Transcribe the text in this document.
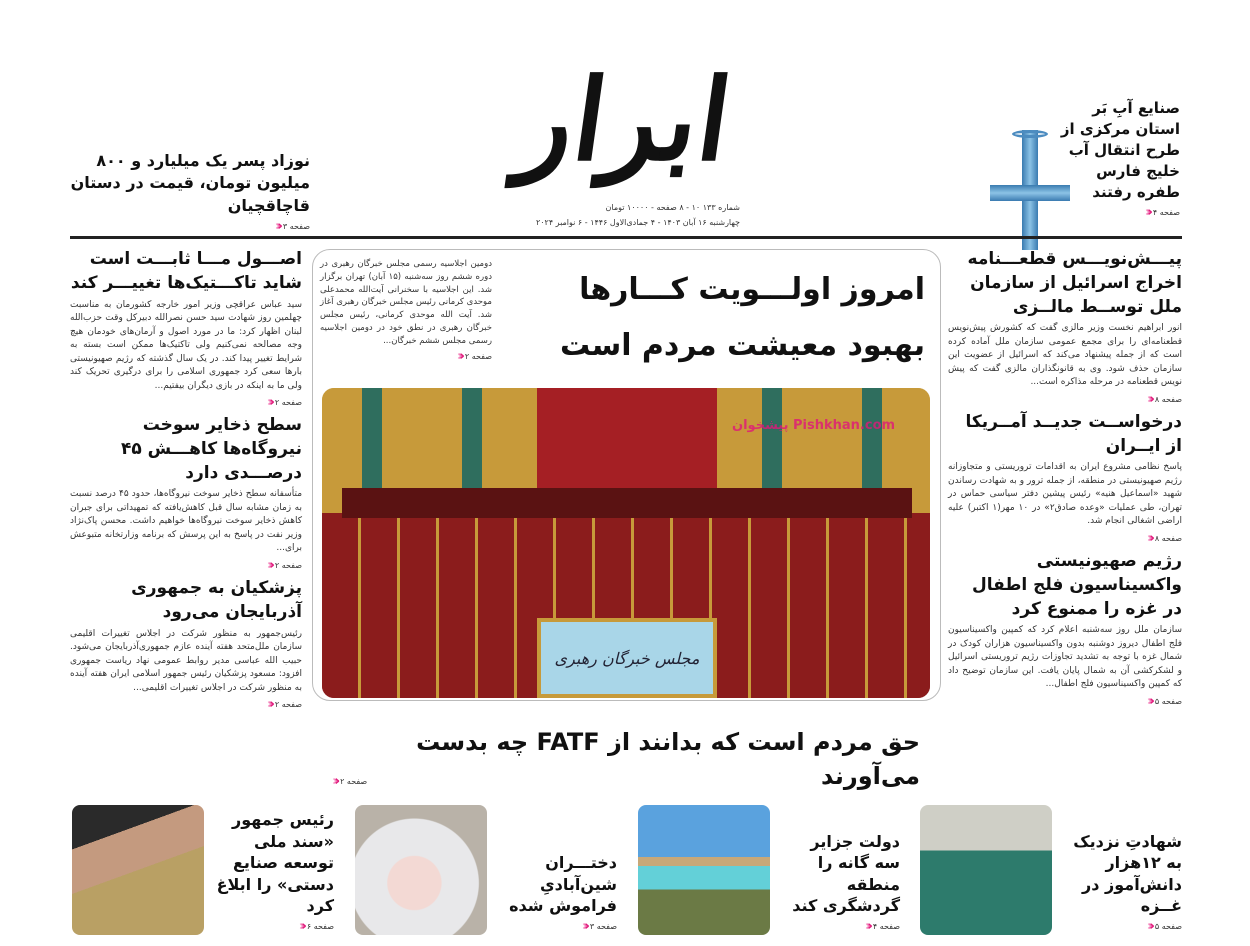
ابرار
شماره ۱۳۳ ۱۰ - ۸ صفحه - ۱۰۰۰۰ تومان
چهارشنبه ۱۶ آبان ۱۴۰۳ - ۴ جمادی‌الاول ۱۴۴۶ - ۶ نوامبر ۲۰۲۴
نوزاد پسر یک میلیارد و ۸۰۰ میلیون تومان، قیمت در دستان قاچاقچیان
صفحه ۳
‹‹‹
صنایع آبِ بَر استان مرکزی از طرح انتقال آب خلیج فارس طفره رفتند
صفحه ۴
‹‹‹
امروز اولـــویت کـــارها
بهبود معیشت مردم است
دومین اجلاسیه رسمی مجلس خبرگان رهبری در دوره ششم روز سه‌شنبه (۱۵ آبان) تهران برگزار شد. این اجلاسیه با سخنرانی آیت‌الله محمدعلی موحدی کرمانی رئیس مجلس خبرگان رهبری آغاز شد. آیت الله موحدی کرمانی، رئیس مجلس خبرگان رهبری در نطق خود در دومین اجلاسیه رسمی مجلس ششم خبرگان...
صفحه ۲
‹‹‹
مجلس خبرگان رهبری
پیشخوان Pishkhan.com
حق مردم است که بدانند از FATF چه بدست می‌آورند
صفحه ۲
‹‹‹
اصـــول مـــا ثابـــت است شاید تاکـــتیک‌ها تغییـــر کند
سید عباس عراقچی وزیر امور خارجه کشورمان به مناسبت چهلمین روز شهادت سید حسن نصرالله دبیرکل وقت حزب‌الله لبنان اظهار کرد: ما در مورد اصول و آرمان‌های خودمان هیچ وجه مصالحه نمی‌کنیم ولی تاکتیک‌ها ممکن است بسته به شرایط تغییر پیدا کند. در یک سال گذشته که رژیم صهیونیستی بارها سعی کرد جمهوری اسلامی را برای درگیری تحریک کند ولی ما به اینکه در بازی دیگران بیفتیم...
صفحه ۲
‹‹‹
سطح ذخایر سوخت نیروگاه‌ها کاهـــش ۴۵ درصـــدی دارد
متأسفانه سطح ذخایر سوخت نیروگاه‌ها، حدود ۴۵ درصد نسبت به زمان مشابه سال قبل کاهش‌یافته که تمهیداتی برای جبران کاهش ذخایر سوخت نیروگاه‌ها خواهیم داشت. محسن پاک‌نژاد وزیر نفت در پاسخ به این پرسش که برنامه وزارتخانه متبوعش برای...
صفحه ۲
‹‹‹
پزشکیان به جمهوری آذربایجان می‌رود
رئیس‌جمهور به منظور شرکت در اجلاس تغییرات اقلیمی سازمان ملل‌متحد هفته آینده عازم جمهوری‌آذربایجان می‌شود. حبیب الله عباسی مدیر روابط عمومی نهاد ریاست جمهوری افزود: مسعود پزشکیان رئیس جمهور اسلامی ایران هفته آینده به منظور شرکت در اجلاس تغییرات اقلیمی...
صفحه ۲
‹‹‹
پیـــش‌نویـــس قطعـــنامه اخراج اسرائیل از سازمان ملل توســط مالــزی
انور ابراهیم نخست وزیر مالزی گفت که کشورش پیش‌نویس قطعنامه‌ای را برای مجمع عمومی سازمان ملل آماده کرده است که از جمله پیشنهاد می‌کند که اسرائیل از عضویت این سازمان حذف شود. وی به قانونگذاران مالزی گفت که پیش نویس قطعنامه در مرحله مذاکره است...
صفحه ۸
‹‹‹
درخواســت جدیــد آمــریکا از ایــران
پاسخ نظامی مشروع ایران به اقدامات تروریستی و متجاوزانه رژیم صهیونیستی در منطقه، از جمله ترور و به شهادت رساندن شهید «اسماعیل هنیه» رئیس پیشین دفتر سیاسی حماس در تهران، طی عملیات «وعده صادق۲» در ۱۰ مهر(۱ اکتبر) علیه اراضی اشغالی انجام شد.
صفحه ۸
‹‹‹
رژیم صهیونیستی واکسیناسیون فلج اطفال در غزه را ممنوع کرد
سازمان ملل روز سه‌شنبه اعلام کرد که کمپین واکسیناسیون فلج اطفال دیروز دوشنبه بدون واکسیناسیون هزاران کودک در شمال غزه با توجه به تشدید تجاوزات رژیم تروریستی اسرائیل و لشکرکشی آن به شمال پایان یافت. این سازمان توضیح داد که کمپین واکسیناسیون فلج اطفال...
صفحه ۵
‹‹‹
شهادتِ نزدیک به ۱۲هزار دانش‌آموز در غــزه
صفحه ۵
‹‹‹
دولت جزایر سه گانه را منطقه گردشگری کند
صفحه ۴
‹‹‹
دختـــران شین‌آبادیِ فراموش شده
صفحه ۳
‹‹‹
رئیس جمهور «سند ملی توسعه صنایع دستی» را ابلاغ کرد
صفحه ۶
‹‹‹
